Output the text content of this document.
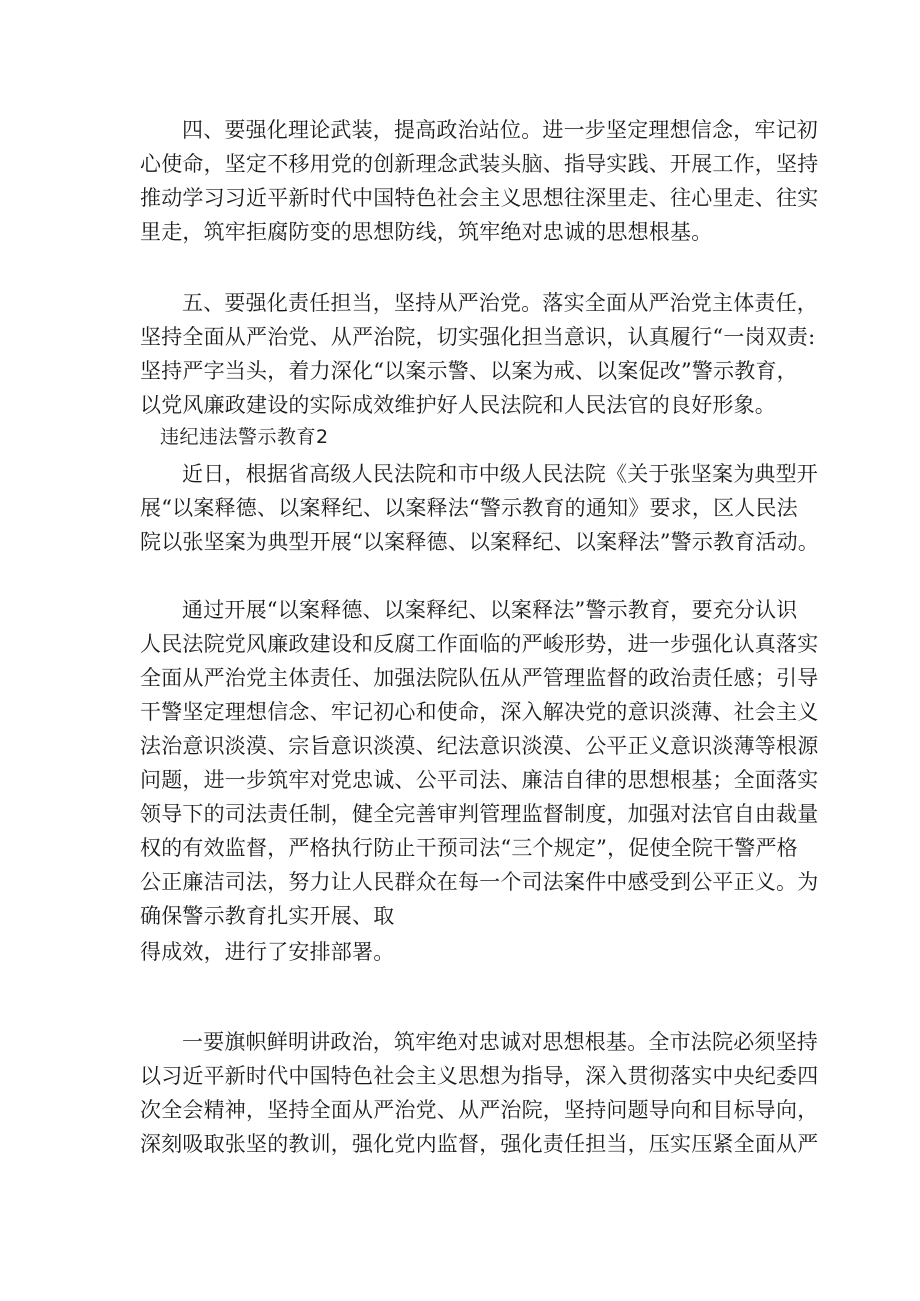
四、要强化理论武装，提高政治站位。进一步坚定理想信念，牢记初
心使命，坚定不移用党的创新理念武装头脑、指导实践、开展工作，坚持
推动学习习近平新时代中国特色社会主义思想往深里走、往心里走、往实
里走，筑牢拒腐防变的思想防线，筑牢绝对忠诚的思想根基。
五、要强化责任担当，坚持从严治党。落实全面从严治党主体责任，
坚持全面从严治党、从严治院，切实强化担当意识，认真履行“一岗双责:
坚持严字当头，着力深化“以案示警、以案为戒、以案促改”警示教育，
以党风廉政建设的实际成效维护好人民法院和人民法官的良好形象。
违纪违法警示教育2
近日，根据省高级人民法院和市中级人民法院《关于张坚案为典型开
展“以案释德、以案释纪、以案释法“警示教育的通知》要求，区人民法
院以张坚案为典型开展“以案释德、以案释纪、以案释法”警示教育活动。
通过开展“以案释德、以案释纪、以案释法”警示教育，要充分认识
人民法院党风廉政建设和反腐工作面临的严峻形势，进一步强化认真落实
全面从严治党主体责任、加强法院队伍从严管理监督的政治责任感；引导
干警坚定理想信念、牢记初心和使命，深入解决党的意识淡薄、社会主义
法治意识淡漠、宗旨意识淡漠、纪法意识淡漠、公平正义意识淡薄等根源
问题，进一步筑牢对党忠诚、公平司法、廉洁自律的思想根基；全面落实
领导下的司法责任制，健全完善审判管理监督制度，加强对法官自由裁量
权的有效监督，严格执行防止干预司法“三个规定”，促使全院干警严格
公正廉洁司法，努力让人民群众在每一个司法案件中感受到公平正义。为
确保警示教育扎实开展、取
得成效，进行了安排部署。
一要旗帜鲜明讲政治，筑牢绝对忠诚对思想根基。全市法院必须坚持
以习近平新时代中国特色社会主义思想为指导，深入贯彻落实中央纪委四
次全会精神，坚持全面从严治党、从严治院，坚持问题导向和目标导向，
深刻吸取张坚的教训，强化党内监督，强化责任担当，压实压紧全面从严
